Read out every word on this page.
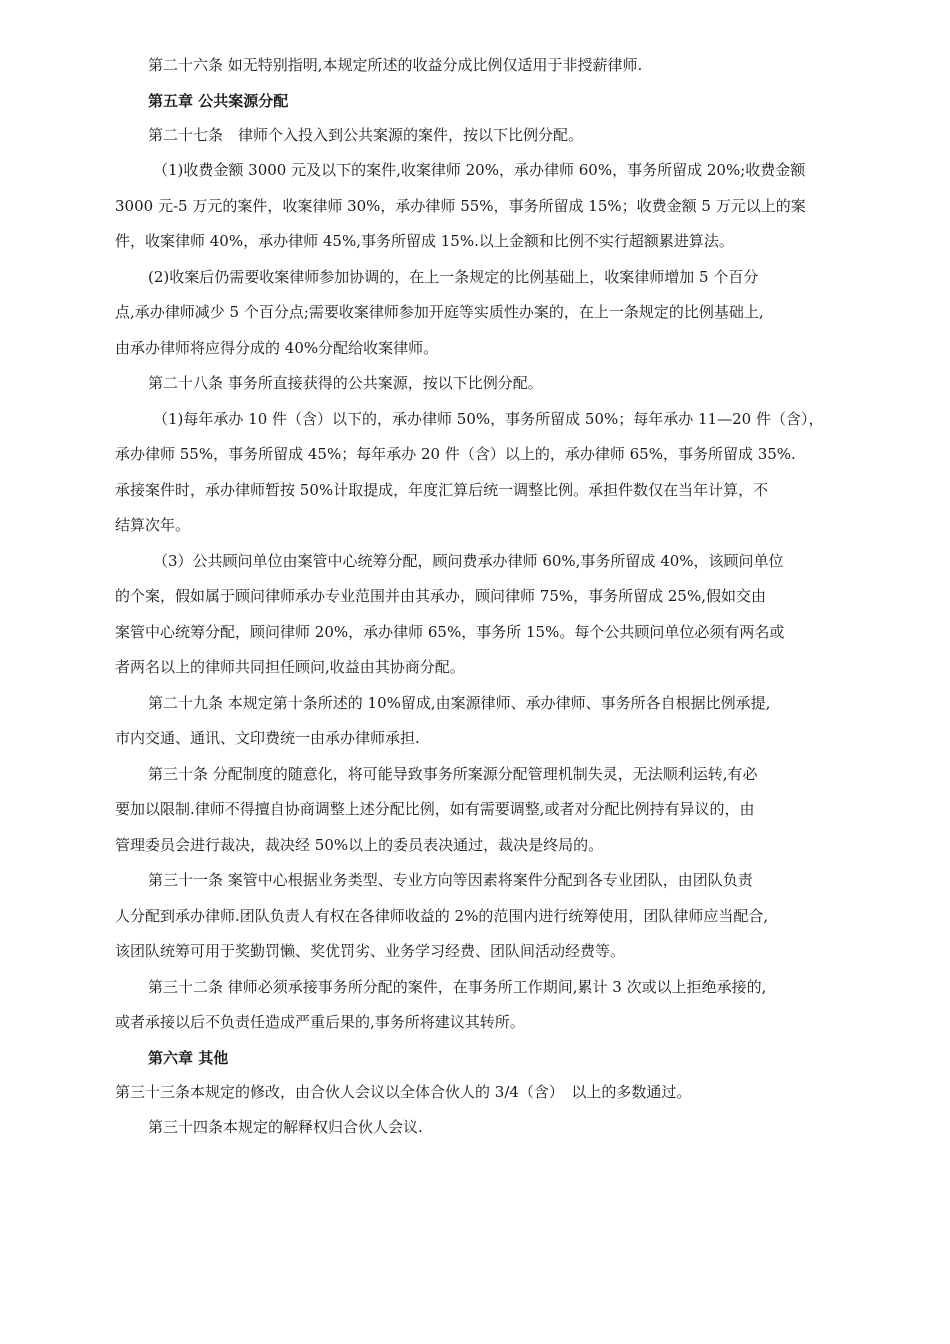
第二十六条 如无特别指明,本规定所述的收益分成比例仅适用于非授薪律师.
第五章 公共案源分配
第二十七条　律师个入投入到公共案源的案件，按以下比例分配。
（1)收费金额 3000 元及以下的案件,收案律师 20%，承办律师 60%，事务所留成 20%;收费金额
3000 元-5 万元的案件，收案律师 30%，承办律师 55%，事务所留成 15%；收费金额 5 万元以上的案
件，收案律师 40%，承办律师 45%,事务所留成 15%.以上金额和比例不实行超额累进算法。
(2)收案后仍需要收案律师参加协调的，在上一条规定的比例基础上，收案律师增加 5 个百分
点,承办律师减少 5 个百分点;需要收案律师参加开庭等实质性办案的，在上一条规定的比例基础上,
由承办律师将应得分成的 40%分配给收案律师。
第二十八条 事务所直接获得的公共案源，按以下比例分配。
（1)每年承办 10 件（含）以下的，承办律师 50%，事务所留成 50%；每年承办 11—20 件（含），
承办律师 55%，事务所留成 45%；每年承办 20 件（含）以上的，承办律师 65%，事务所留成 35%.
承接案件时，承办律师暂按 50%计取提成，年度汇算后统一调整比例。承担件数仅在当年计算，不
结算次年。
（3）公共顾问单位由案管中心统筹分配，顾问费承办律师 60%,事务所留成 40%，该顾问单位
的个案，假如属于顾问律师承办专业范围并由其承办，顾问律师 75%，事务所留成 25%,假如交由
案管中心统筹分配，顾问律师 20%，承办律师 65%，事务所 15%。每个公共顾问单位必须有两名或
者两名以上的律师共同担任顾问,收益由其协商分配。
第二十九条 本规定第十条所述的 10%留成,由案源律师、承办律师、事务所各自根据比例承提,
市内交通、通讯、文印费统一由承办律师承担.
第三十条 分配制度的随意化，将可能导致事务所案源分配管理机制失灵，无法顺利运转,有必
要加以限制.律师不得擅自协商调整上述分配比例，如有需要调整,或者对分配比例持有异议的，由
管理委员会进行裁决，裁决经 50%以上的委员表决通过，裁决是终局的。
第三十一条 案管中心根据业务类型、专业方向等因素将案件分配到各专业团队，由团队负责
人分配到承办律师.团队负责人有权在各律师收益的 2%的范围内进行统筹使用，团队律师应当配合,
该团队统筹可用于奖勤罚懒、奖优罚劣、业务学习经费、团队间活动经费等。
第三十二条 律师必须承接事务所分配的案件，在事务所工作期间,累计 3 次或以上拒绝承接的,
或者承接以后不负责任造成严重后果的,事务所将建议其转所。
第六章 其他
第三十三条本规定的修改，由合伙人会议以全体合伙人的 3/4（含）　以上的多数通过。
第三十四条本规定的解释权归合伙人会议.
